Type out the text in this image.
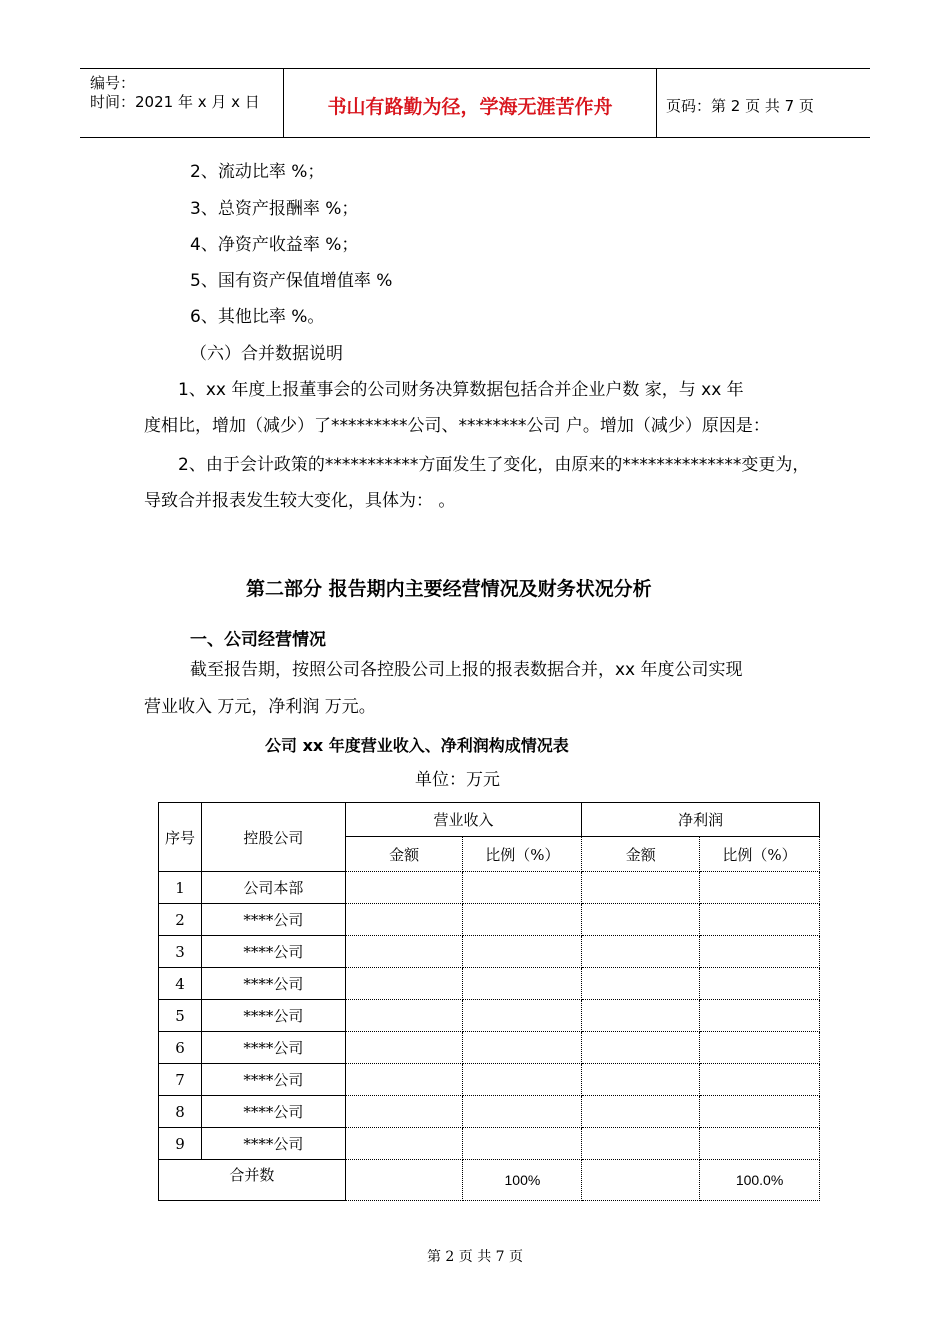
编号：
时间：2021 年 x 月 x 日	书山有路勤为径，学海无涯苦作舟	页码：第 2 页 共 7 页
2、流动比率 %；
3、总资产报酬率 %；
4、净资产收益率 %；
5、国有资产保值增值率 %
6、其他比率 %。
（六）合并数据说明
1、xx 年度上报董事会的公司财务决算数据包括合并企业户数 家，与 xx 年
度相比，增加（减少）了*********公司、********公司 户。增加（减少）原因是：
2、由于会计政策的***********方面发生了变化，由原来的**************变更为，
导致合并报表发生较大变化，具体为： 。
第二部分 报告期内主要经营情况及财务状况分析
一、公司经营情况
截至报告期，按照公司各控股公司上报的报表数据合并，xx 年度公司实现
营业收入 万元，净利润 万元。
公司 xx 年度营业收入、净利润构成情况表
单位：万元
序号	控股公司	营业收入		净利润	
		金额	比例（%）	金额	比例（%）
1	公司本部				
2	****公司				
3	****公司				
4	****公司				
5	****公司				
6	****公司				
7	****公司				
8	****公司				
9	****公司				
合并数			100%		100.0%
第 2 页 共 7 页
